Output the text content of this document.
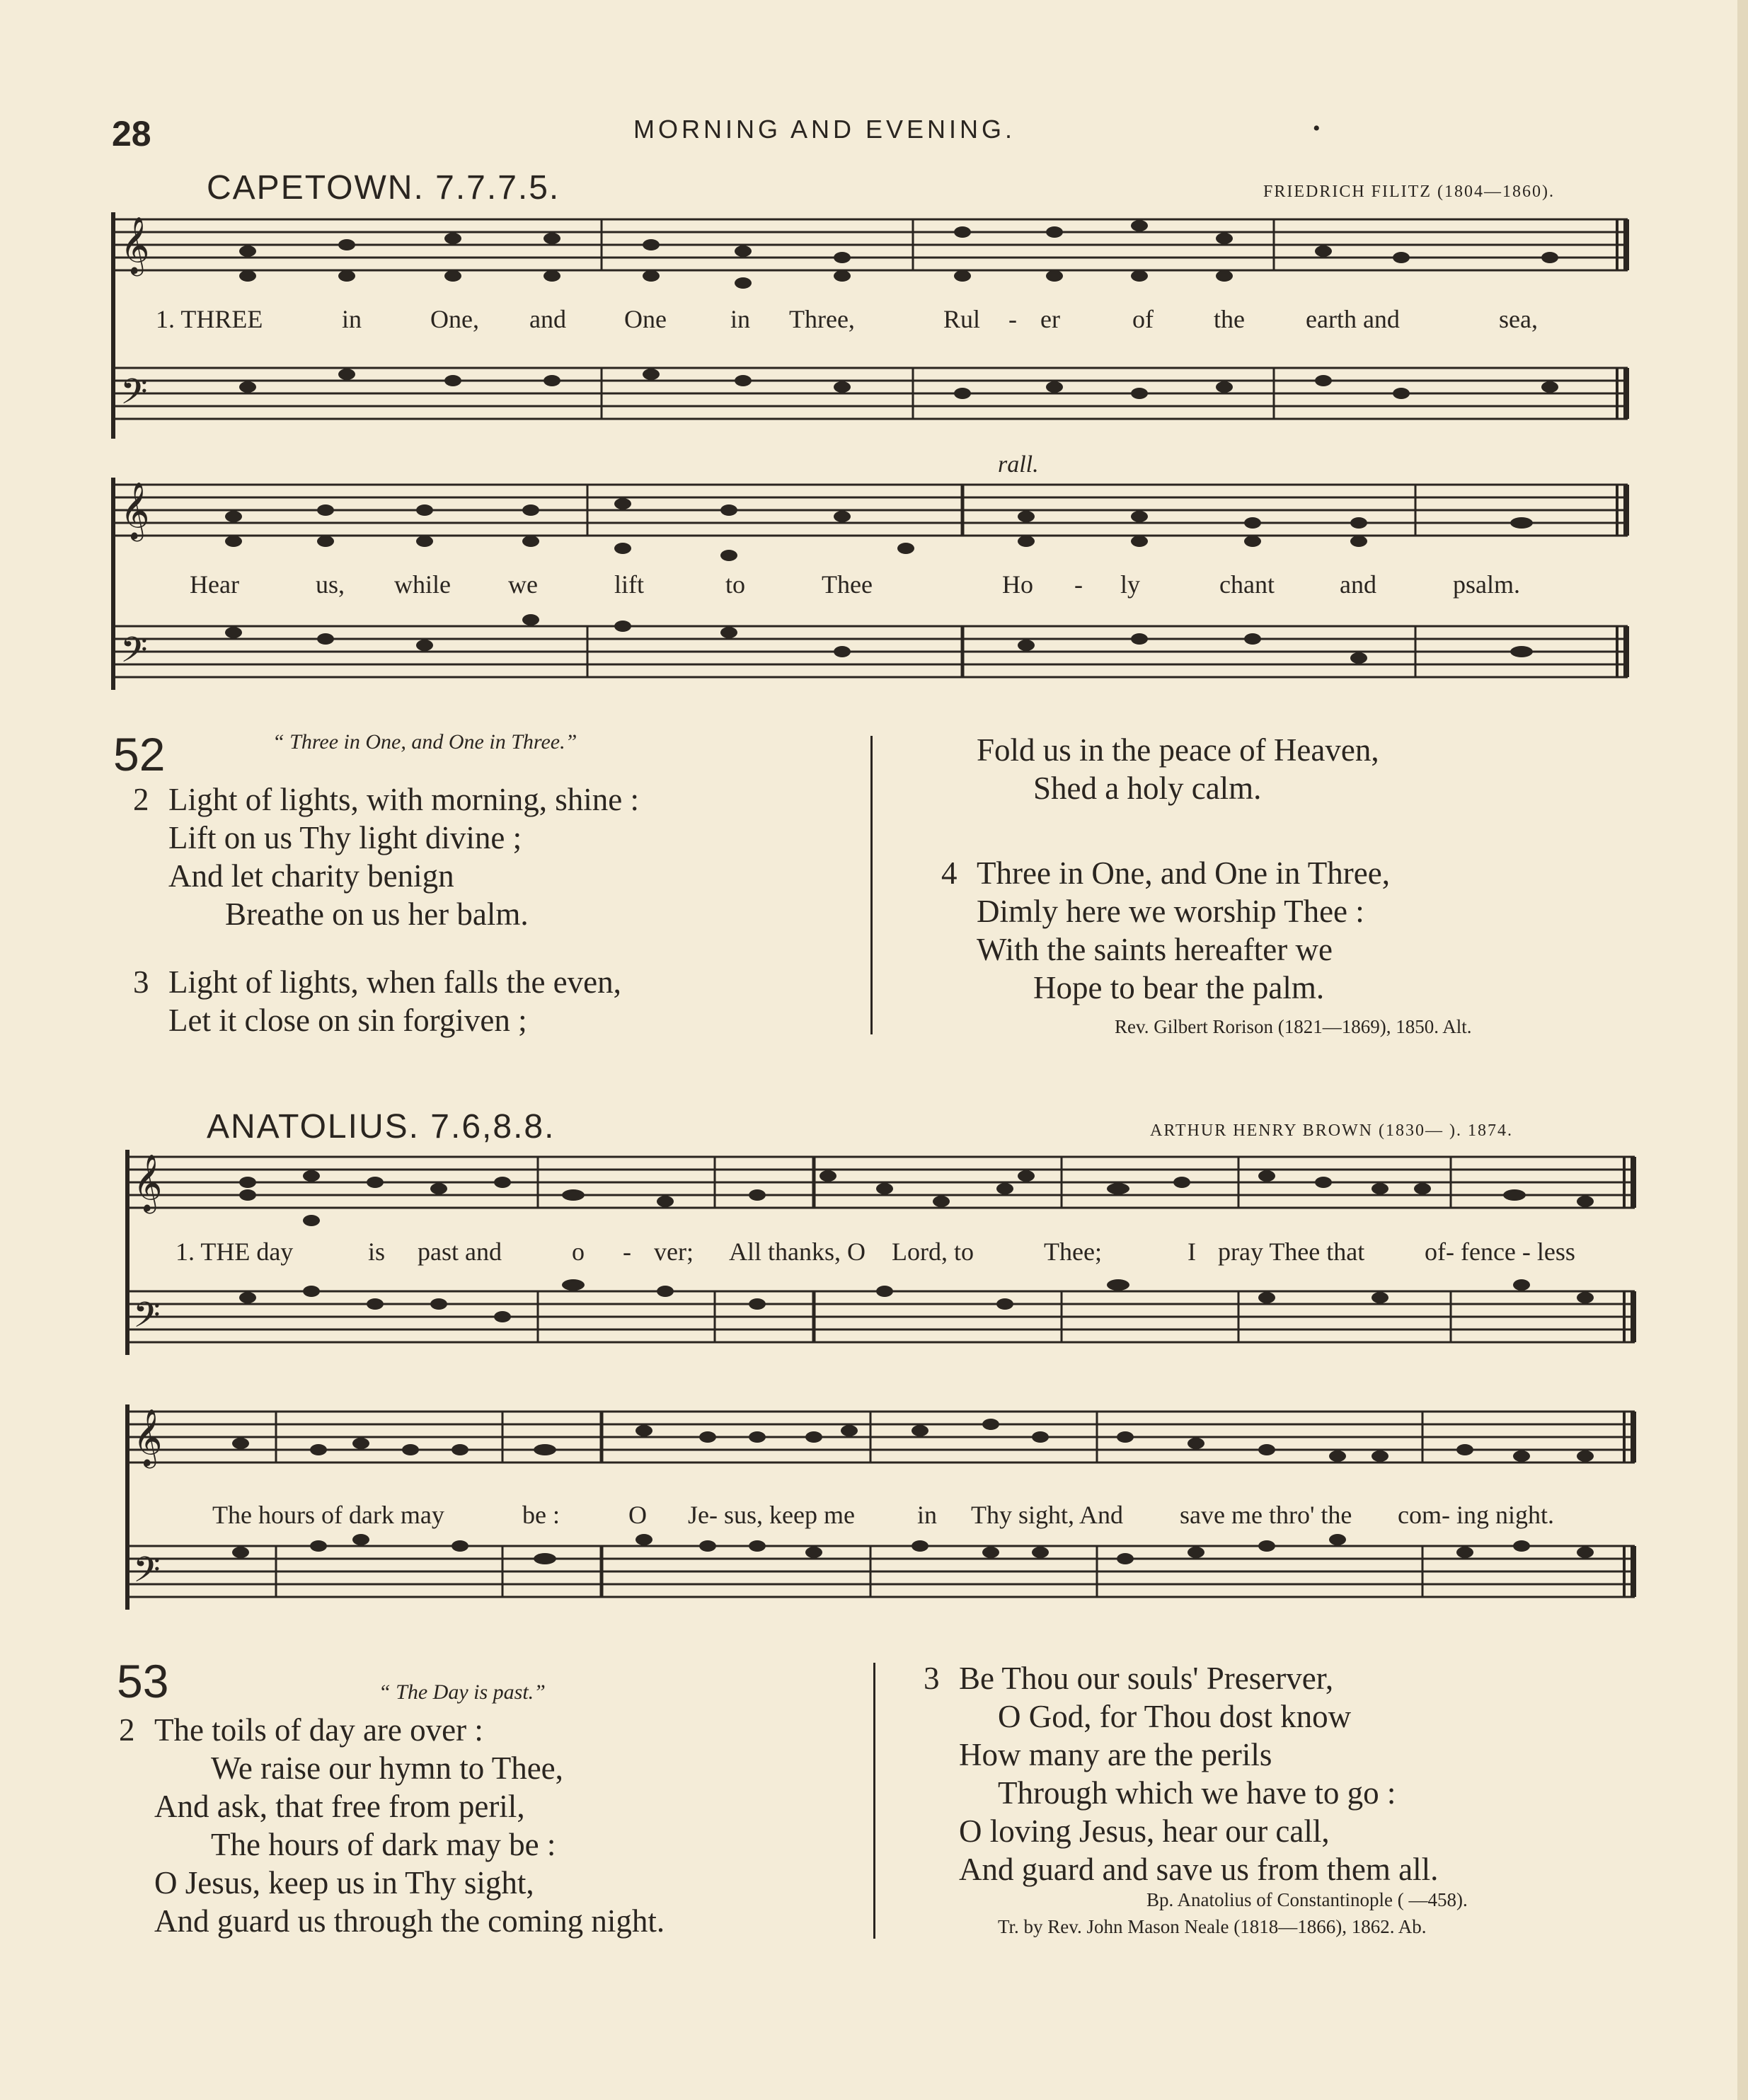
28	MORNING AND EVENING.	•
CAPETOWN. 7.7.7.5.	FRIEDRICH FILITZ (1804—1860).
𝄞
𝄢
1. THREE	in	One, and One	in Three,	Rul - er	of the earth and	sea,
rall.
𝄞
𝄢
Hear	us, while we	lift	to	Thee	Ho - ly	chant	and	psalm.
52	“ Three in One, and One in Three.”
2 Light of lights, with morning, shine :
Lift on us Thy light divine ;
And let charity benign
Breathe on us her balm.
3 Light of lights, when falls the even,
Let it close on sin forgiven ;
Fold us in the peace of Heaven,
Shed a holy calm.
4 Three in One, and One in Three,
Dimly here we worship Thee :
With the saints hereafter we
Hope to bear the palm.
Rev. Gilbert Rorison (1821—1869), 1850. Alt.
ANATOLIUS. 7.6,8.8.	ARTHUR HENRY BROWN (1830— ). 1874.
𝄞
𝄢
1. THE day	is past and	o - ver; All thanks, O Lord, to	Thee;	I pray Thee that of- fence - less
𝄞
𝄢
The hours of dark may	be :	O Je- sus, keep me in Thy sight, And save me thro' the com- ing night.
53	“ The Day is past.”
2 The toils of day are over :
We raise our hymn to Thee,
And ask, that free from peril,
The hours of dark may be :
O Jesus, keep us in Thy sight,
And guard us through the coming night.
3 Be Thou our souls' Preserver,
O God, for Thou dost know
How many are the perils
Through which we have to go :
O loving Jesus, hear our call,
And guard and save us from them all.
Bp. Anatolius of Constantinople ( —458).
Tr. by Rev. John Mason Neale (1818—1866), 1862. Ab.
